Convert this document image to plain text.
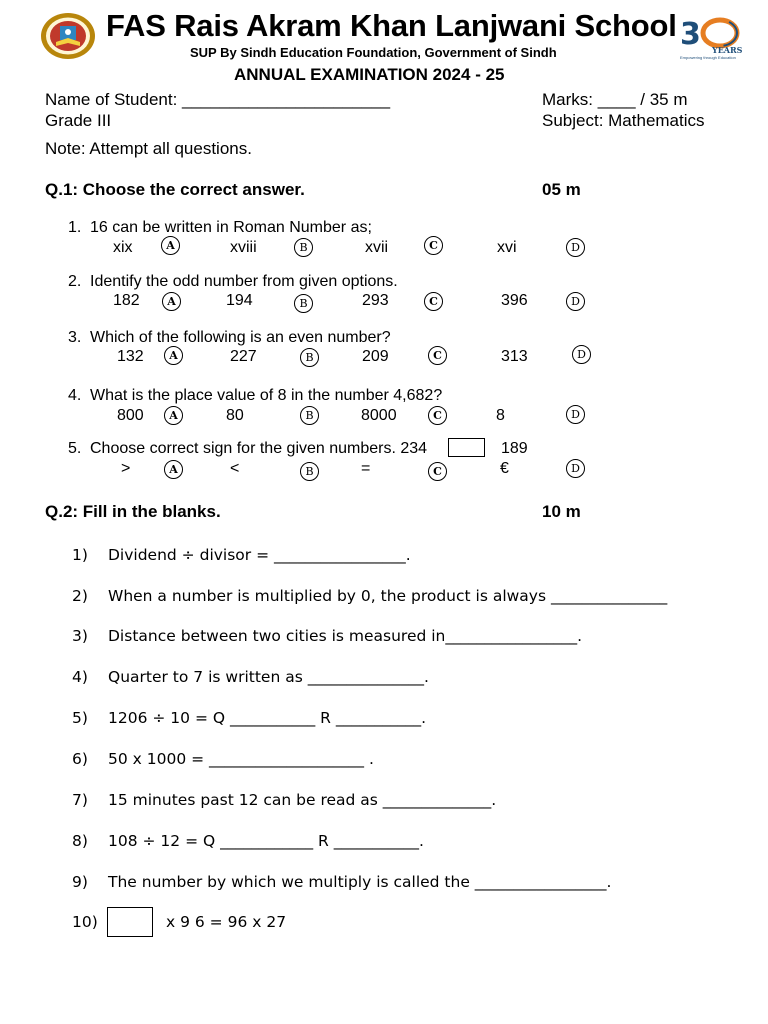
FAS Rais Akram Khan Lanjwani School
SUP By Sindh Education Foundation, Government of Sindh
ANNUAL EXAMINATION 2024 - 25
3 YEARS
Empowering through Education
Name of Student: ______________________
Grade III
Marks: ____ / 35 m
Subject: Mathematics
Note: Attempt all questions.
Q.1: Choose the correct answer.	05 m
1. 16 can be written in Roman Number as;
xix	A	xviii	B	xvii	C	xvi	D
2. Identify the odd number from given options.
182	A	194	B	293	C	396	D
3. Which of the following is an even number?
132	A	227	B	209	C	313	D
4. What is the place value of 8 in the number 4,682?
800	A	80	B	8000	C	8	D
5. Choose correct sign for the given numbers. 234	189
>	A	<	B	=	C	€	D
Q.2: Fill in the blanks.	10 m
1) Dividend ÷ divisor = _________________.
2) When a number is multiplied by 0, the product is always _______________
3) Distance between two cities is measured in_________________.
4) Quarter to 7 is written as _______________.
5) 1206 ÷ 10 = Q ___________ R ___________.
6) 50 x 1000 = ____________________ .
7) 15 minutes past 12 can be read as ______________.
8) 108 ÷ 12 = Q ____________ R ___________.
9) The number by which we multiply is called the _________________.
10)	x 9 6 = 96 x 27
